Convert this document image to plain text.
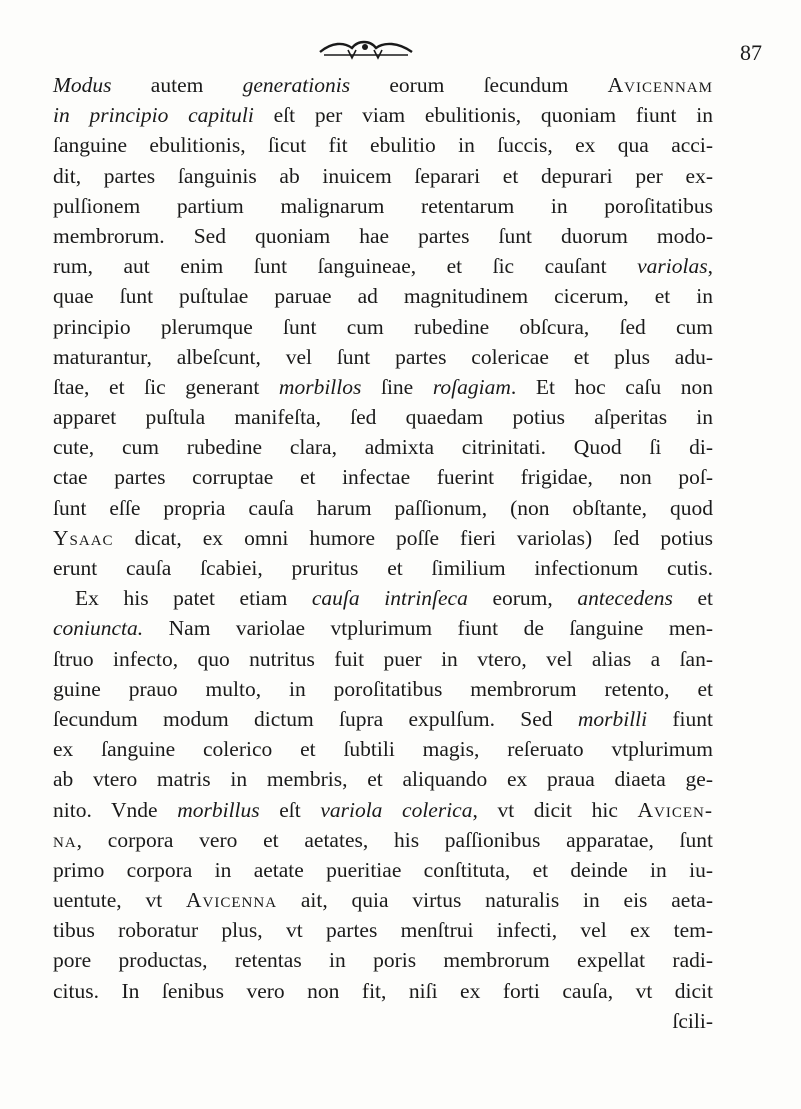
87
Modus autem generationis eorum ſecundum Avicennam
in principio capituli eſt per viam ebulitionis, quoniam fiunt in
ſanguine ebulitionis, ſicut fit ebulitio in ſuccis, ex qua acci-
dit, partes ſanguinis ab inuicem ſeparari et depurari per ex-
pulſionem partium malignarum retentarum in poroſitatibus
membrorum. Sed quoniam hae partes ſunt duorum modo-
rum, aut enim ſunt ſanguineae, et ſic cauſant variolas,
quae ſunt puſtulae paruae ad magnitudinem cicerum, et in
principio plerumque ſunt cum rubedine obſcura, ſed cum
maturantur, albeſcunt, vel ſunt partes colericae et plus adu-
ſtae, et ſic generant morbillos ſine roſagiam. Et hoc caſu non
apparet puſtula manifeſta, ſed quaedam potius aſperitas in
cute, cum rubedine clara, admixta citrinitati. Quod ſi di-
ctae partes corruptae et infectae fuerint frigidae, non poſ-
ſunt eſſe propria cauſa harum paſſionum, (non obſtante, quod
Ysaac dicat, ex omni humore poſſe fieri variolas) ſed potius
erunt cauſa ſcabiei, pruritus et ſimilium infectionum cutis.
Ex his patet etiam cauſa intrinſeca eorum, antecedens et
coniuncta. Nam variolae vtplurimum fiunt de ſanguine men-
ſtruo infecto, quo nutritus fuit puer in vtero, vel alias a ſan-
guine prauo multo, in poroſitatibus membrorum retento, et
ſecundum modum dictum ſupra expulſum. Sed morbilli fiunt
ex ſanguine colerico et ſubtili magis, reſeruato vtplurimum
ab vtero matris in membris, et aliquando ex praua diaeta ge-
nito. Vnde morbillus eſt variola colerica, vt dicit hic Avicen-
na, corpora vero et aetates, his paſſionibus apparatae, ſunt
primo corpora in aetate pueritiae conſtituta, et deinde in iu-
uentute, vt Avicenna ait, quia virtus naturalis in eis aeta-
tibus roboratur plus, vt partes menſtrui infecti, vel ex tem-
pore productas, retentas in poris membrorum expellat radi-
citus. In ſenibus vero non fit, niſi ex forti cauſa, vt dicit
ſcili-
